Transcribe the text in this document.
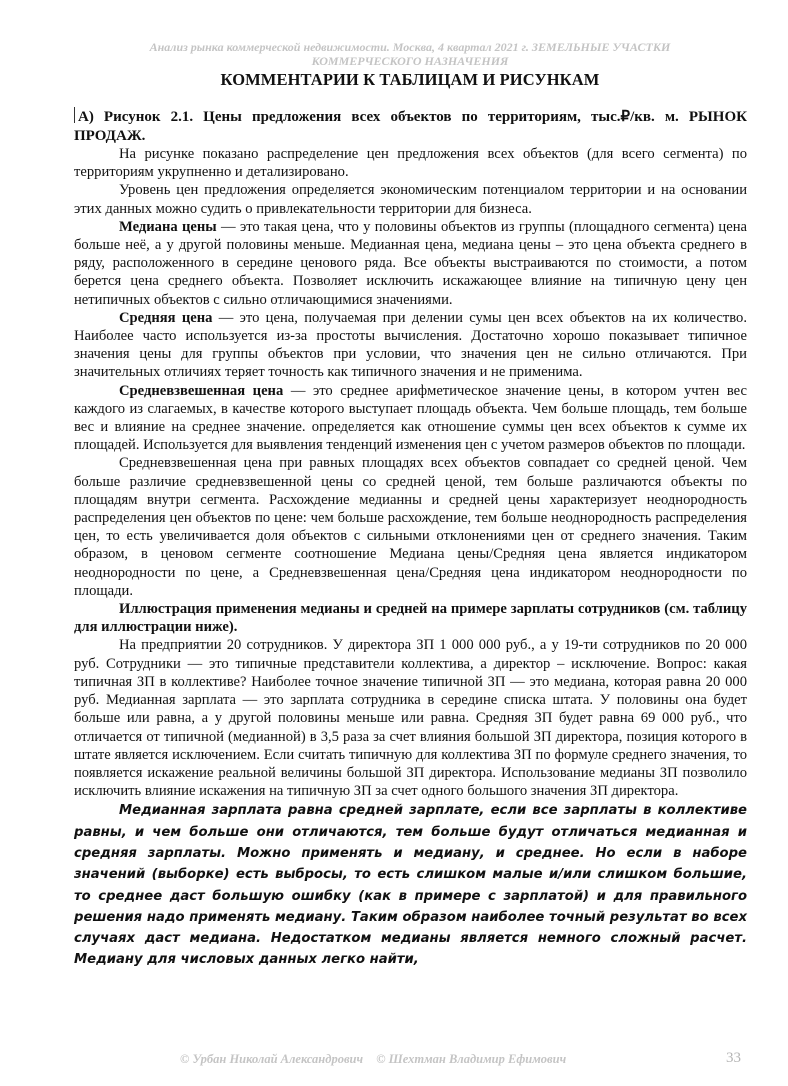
Анализ рынка коммерческой недвижимости. Москва, 4 квартал 2021 г. ЗЕМЕЛЬНЫЕ УЧАСТКИ
КОММЕРЧЕСКОГО НАЗНАЧЕНИЯ
КОММЕНТАРИИ К ТАБЛИЦАМ И РИСУНКАМ

А) Рисунок 2.1. Цены предложения всех объектов по территориям, тыс.₽/кв. м. РЫНОК ПРОДАЖ.

На рисунке показано распределение цен предложения всех объектов (для всего сегмента) по территориям укрупненно и детализировано.

Уровень цен предложения определяется экономическим потенциалом территории и на основании этих данных можно судить о привлекательности территории для бизнеса.

Медиана цены — это такая цена, что у половины объектов из группы (площадного сегмента) цена больше неё, а у другой половины меньше. Медианная цена, медиана цены – это цена объекта среднего в ряду, расположенного в середине ценового ряда. Все объекты выстраиваются по стоимости, а потом берется цена среднего объекта. Позволяет исключить искажающее влияние на типичную цену цен нетипичных объектов с сильно отличающимися значениями.

Средняя цена — это цена, получаемая при делении сумы цен всех объектов на их количество. Наиболее часто используется из-за простоты вычисления. Достаточно хорошо показывает типичное значения цены для группы объектов при условии, что значения цен не сильно отличаются. При значительных отличиях теряет точность как типичного значения и не применима.

Средневзвешенная цена — это среднее арифметическое значение цены, в котором учтен вес каждого из слагаемых, в качестве которого выступает площадь объекта. Чем больше площадь, тем больше вес и влияние на среднее значение. определяется как отношение суммы цен всех объектов к сумме их площадей. Используется для выявления тенденций изменения цен с учетом размеров объектов по площади.

Средневзвешенная цена при равных площадях всех объектов совпадает со средней ценой. Чем больше различие средневзвешенной цены со средней ценой, тем больше различаются объекты по площадям внутри сегмента. Расхождение медианны и средней цены характеризует неоднородность распределения цен объектов по цене: чем больше расхождение, тем больше неоднородность распределения цен, то есть увеличивается доля объектов с сильными отклонениями цен от среднего значения. Таким образом, в ценовом сегменте соотношение Медиана цены/Средняя цена является индикатором неоднородности по цене, а Средневзвешенная цена/Средняя цена индикатором неоднородности по площади.

Иллюстрация применения медианы и средней на примере зарплаты сотрудников (см. таблицу для иллюстрации ниже).

На предприятии 20 сотрудников. У директора ЗП 1 000 000 руб., а у 19-ти сотрудников по 20 000 руб. Сотрудники — это типичные представители коллектива, а директор – исключение. Вопрос: какая типичная ЗП в коллективе? Наиболее точное значение типичной ЗП — это медиана, которая равна 20 000 руб. Медианная зарплата — это зарплата сотрудника в середине списка штата. У половины она будет больше или равна, а у другой половины меньше или равна. Средняя ЗП будет равна 69 000 руб., что отличается от типичной (медианной) в 3,5 раза за счет влияния большой ЗП директора, позиция которого в штате является исключением. Если считать типичную для коллектива ЗП по формуле среднего значения, то появляется искажение реальной величины большой ЗП директора. Использование медианы ЗП позволило исключить влияние искажения на типичную ЗП за счет одного большого значения ЗП директора.

Медианная зарплата равна средней зарплате, если все зарплаты в коллективе равны, и чем больше они отличаются, тем больше будут отличаться медианная и средняя зарплаты. Можно применять и медиану, и среднее. Но если в наборе значений (выборке) есть выбросы, то есть слишком малые и/или слишком большие, то среднее даст большую ошибку (как в примере с зарплатой) и для правильного решения надо применять медиану. Таким образом наиболее точный результат во всех случаях даст медиана. Недостатком медианы является немного сложный расчет. Медиану для числовых данных легко найти,

© Урбан Николай Александрович © Шехтман Владимир Ефимович	33
